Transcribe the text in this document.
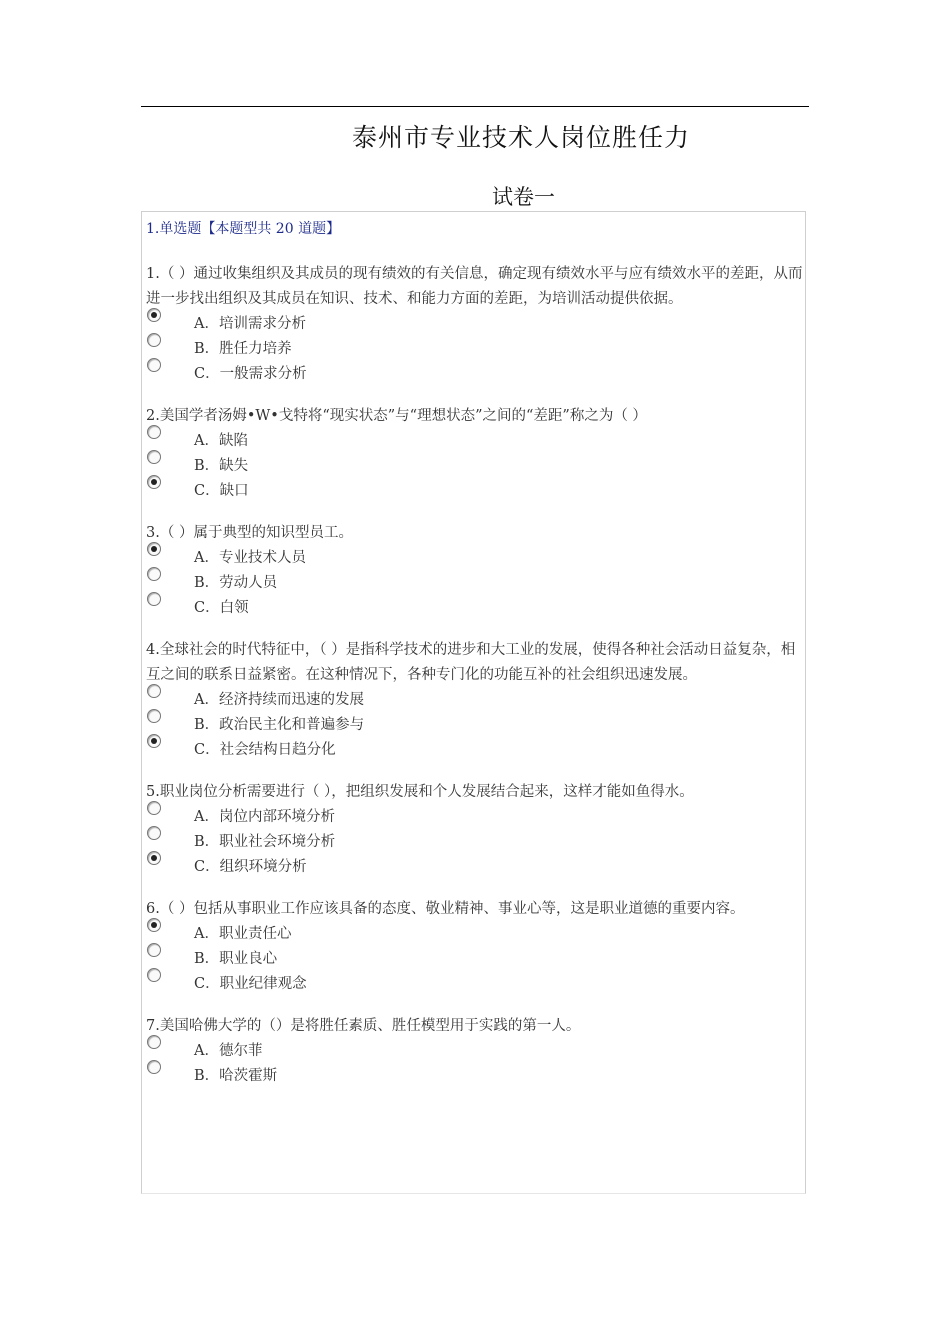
泰州市专业技术人岗位胜任力
试卷一
1.单选题【本题型共 20 道题】

1.（ ）通过收集组织及其成员的现有绩效的有关信息，确定现有绩效水平与应有绩效水平的差距，从而进一步找出组织及其成员在知识、技术、和能力方面的差距，为培训活动提供依据。

A．培训需求分析
B．胜任力培养
C．一般需求分析

2.美国学者汤姆•W•戈特将“现实状态”与“理想状态”之间的“差距”称之为（ ）

A．缺陷
B．缺失
C．缺口

3.（ ）属于典型的知识型员工。

A．专业技术人员
B．劳动人员
C．白领

4.全球社会的时代特征中，（ ）是指科学技术的进步和大工业的发展，使得各种社会活动日益复杂，相互之间的联系日益紧密。在这种情况下，各种专门化的功能互补的社会组织迅速发展。

A．经济持续而迅速的发展
B．政治民主化和普遍参与
C．社会结构日趋分化

5.职业岗位分析需要进行（ ），把组织发展和个人发展结合起来，这样才能如鱼得水。

A．岗位内部环境分析
B．职业社会环境分析
C．组织环境分析

6.（ ）包括从事职业工作应该具备的态度、敬业精神、事业心等，这是职业道德的重要内容。

A．职业责任心
B．职业良心
C．职业纪律观念

7.美国哈佛大学的（）是将胜任素质、胜任模型用于实践的第一人。

A．德尔菲
B．哈茨霍斯
